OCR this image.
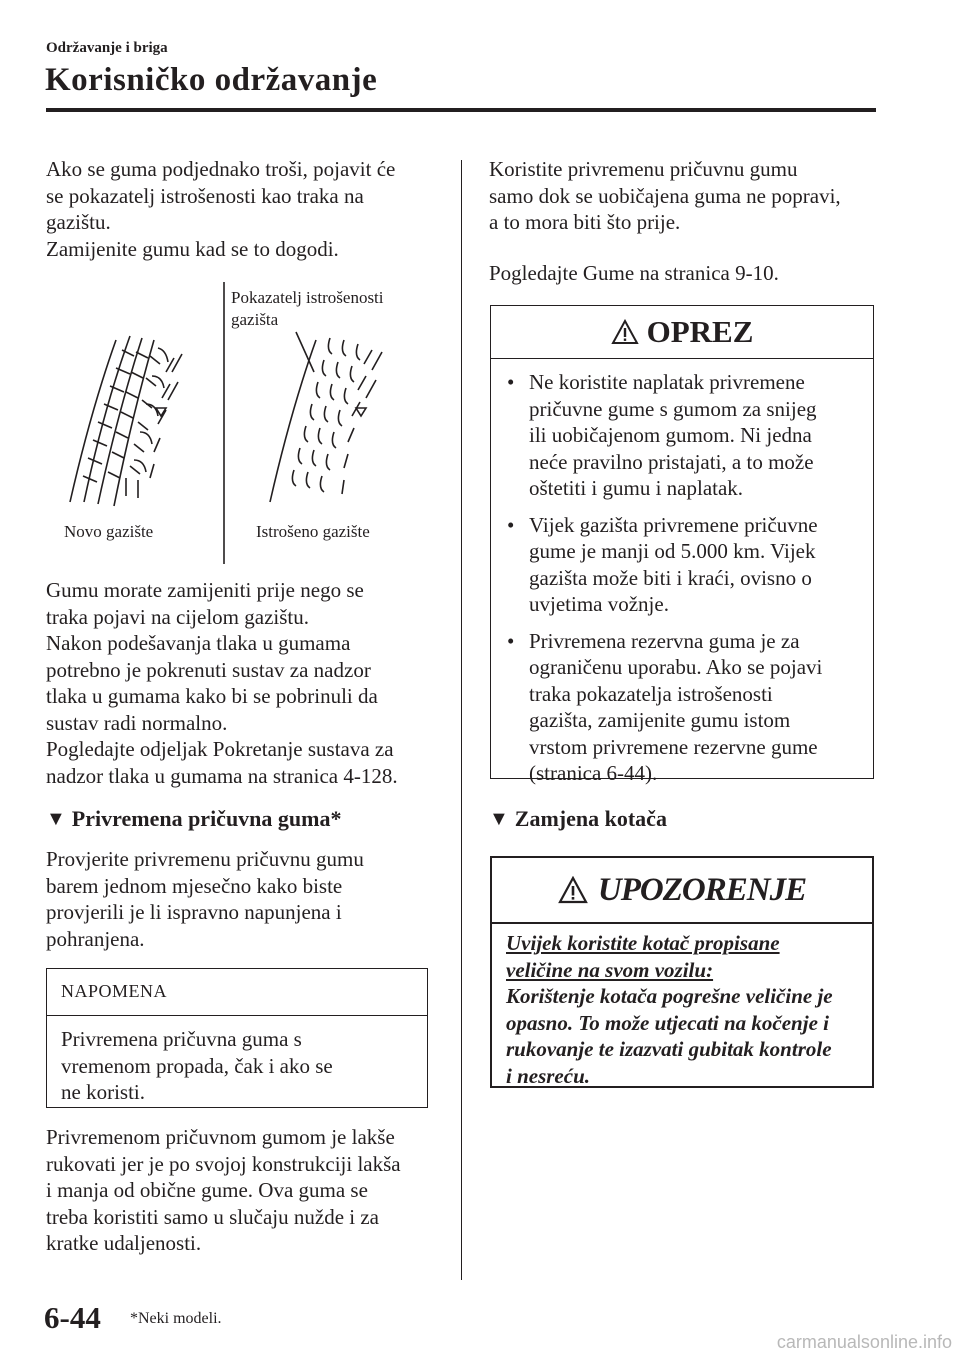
Održavanje i briga
Korisničko održavanje

Ako se guma podjednako troši, pojavit će

se pokazatelj istrošenosti kao traka na

gazištu.

Zamijenite gumu kad se to dogodi.

Pokazatelj istrošenosti
gazišta
Novo gazište	Istrošeno gazište

Gumu morate zamijeniti prije nego se

traka pojavi na cijelom gazištu.

Nakon podešavanja tlaka u gumama

potrebno je pokrenuti sustav za nadzor

tlaka u gumama kako bi se pobrinuli da

sustav radi normalno.

Pogledajte odjeljak Pokretanje sustava za

nadzor tlaka u gumama na stranica 4-128.

▼ Privremena pričuvna guma*

Provjerite privremenu pričuvnu gumu

barem jednom mjesečno kako biste

provjerili je li ispravno napunjena i

pohranjena.

NAPOMENA
Privremena pričuvna guma s
vremenom propada, čak i ako se
ne koristi.

Privremenom pričuvnom gumom je lakše

rukovati jer je po svojoj konstrukciji lakša

i manja od obične gume. Ova guma se

treba koristiti samo u slučaju nužde i za

kratke udaljenosti.

Koristite privremenu pričuvnu gumu

samo dok se uobičajena guma ne popravi,

a to mora biti što prije.

Pogledajte Gume na stranica 9-10.
OPREZ
• Ne koristite naplatak privremene
pričuvne gume s gumom za snijeg
ili uobičajenom gumom. Ni jedna
neće pravilno pristajati, a to može
oštetiti i gumu i naplatak.
• Vijek gazišta privremene pričuvne
gume je manji od 5.000 km. Vijek
gazišta može biti i kraći, ovisno o
uvjetima vožnje.
• Privremena rezervna guma je za
ograničenu uporabu. Ako se pojavi
traka pokazatelja istrošenosti
gazišta, zamijenite gumu istom
vrstom privremene rezervne gume
(stranica 6-44).
▼ Zamjena kotača
UPOZORENJE
Uvijek koristite kotač propisane
veličine na svom vozilu:
Korištenje kotača pogrešne veličine je
opasno. To može utjecati na kočenje i
rukovanje te izazvati gubitak kontrole
i nesreću.
6-44 *Neki modeli.
carmanualsonline.info
